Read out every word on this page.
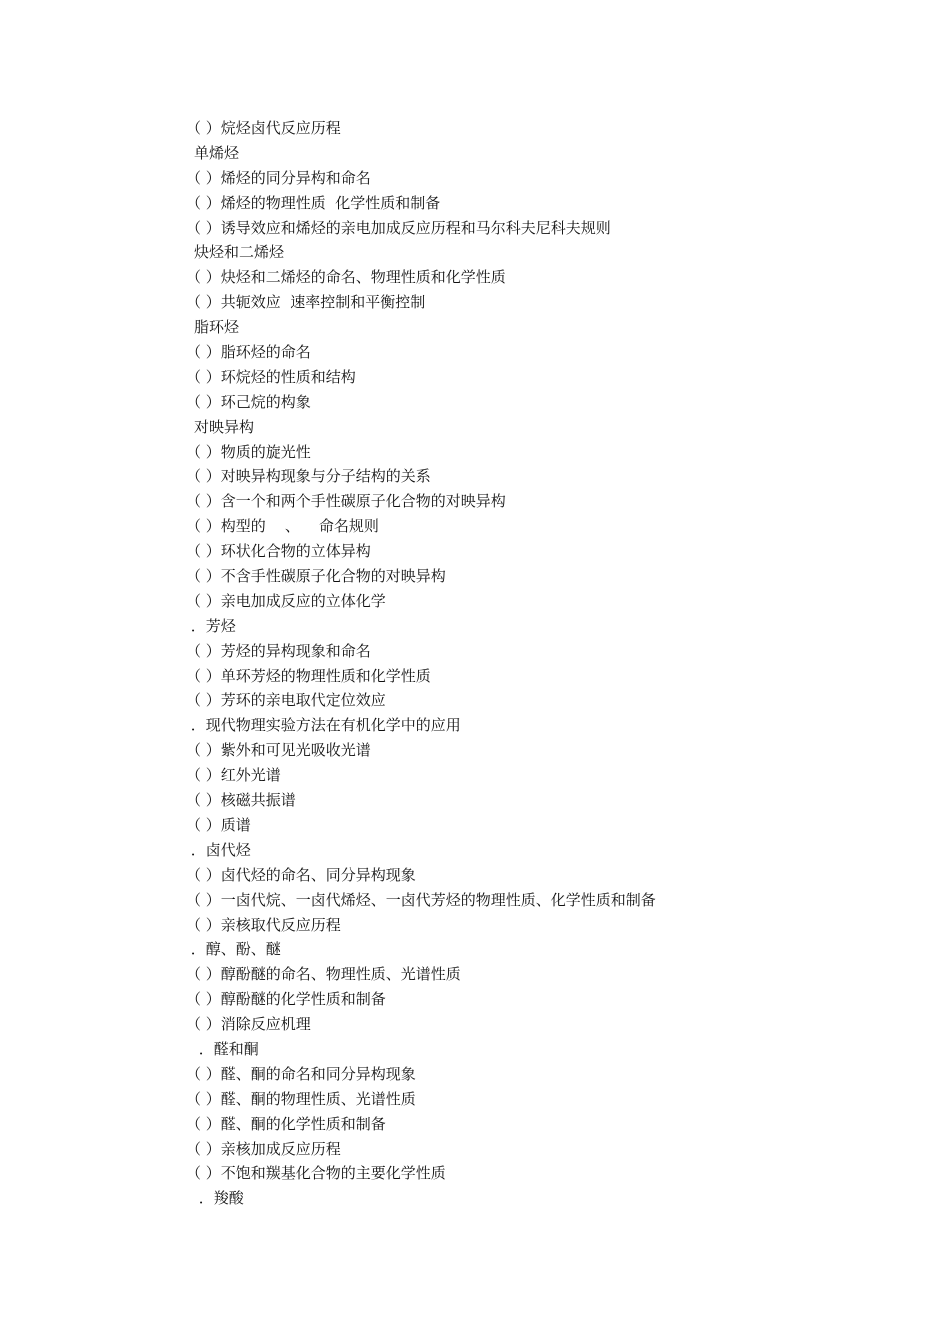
（ ）烷烃卤代反应历程
单烯烃
（ ）烯烃的同分异构和命名
（ ）烯烃的物理性质  化学性质和制备
（ ）诱导效应和烯烃的亲电加成反应历程和马尔科夫尼科夫规则
炔烃和二烯烃
（ ）炔烃和二烯烃的命名、物理性质和化学性质
（ ）共轭效应  速率控制和平衡控制
脂环烃
（ ）脂环烃的命名
（ ）环烷烃的性质和结构
（ ）环己烷的构象
对映异构
（ ）物质的旋光性
（ ）对映异构现象与分子结构的关系
（ ）含一个和两个手性碳原子化合物的对映异构
（ ）构型的    、    命名规则
（ ）环状化合物的立体异构
（ ）不含手性碳原子化合物的对映异构
（ ）亲电加成反应的立体化学
．芳烃
（ ）芳烃的异构现象和命名
（ ）单环芳烃的物理性质和化学性质
（ ）芳环的亲电取代定位效应
．现代物理实验方法在有机化学中的应用
（ ）紫外和可见光吸收光谱
（ ）红外光谱
（ ）核磁共振谱
（ ）质谱
．卤代烃
（ ）卤代烃的命名、同分异构现象
（ ）一卤代烷、一卤代烯烃、一卤代芳烃的物理性质、化学性质和制备
（ ）亲核取代反应历程
．醇、酚、醚
（ ）醇酚醚的命名、物理性质、光谱性质
（ ）醇酚醚的化学性质和制备
（ ）消除反应机理
．醛和酮
（ ）醛、酮的命名和同分异构现象
（ ）醛、酮的物理性质、光谱性质
（ ）醛、酮的化学性质和制备
（ ）亲核加成反应历程
（ ）不饱和羰基化合物的主要化学性质
．羧酸
